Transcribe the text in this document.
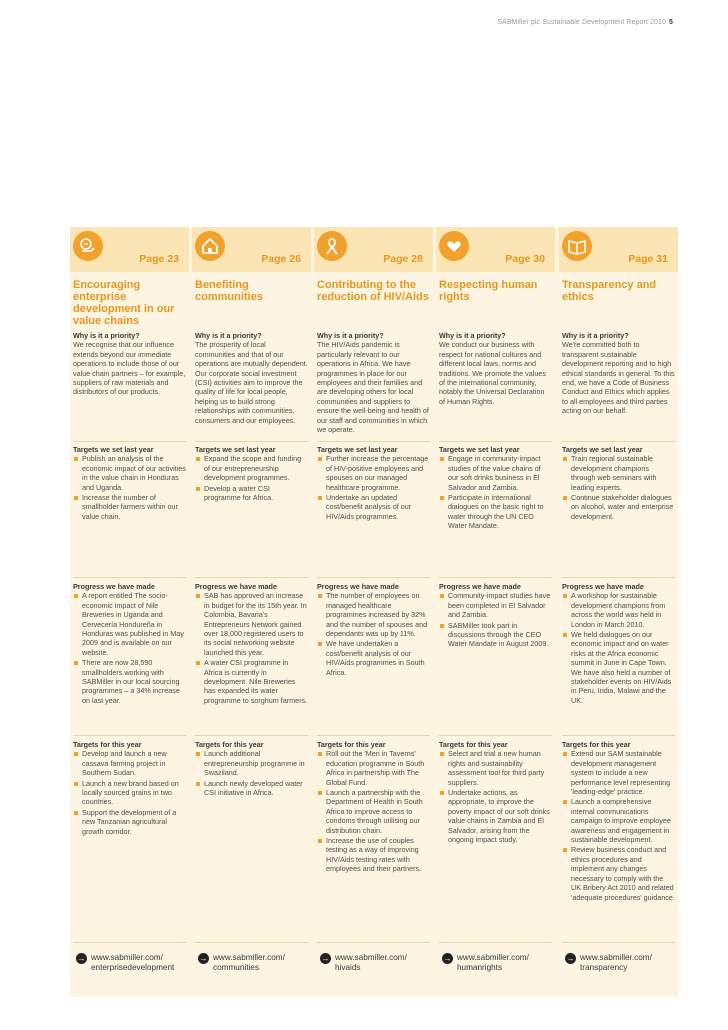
SABMiller plc Sustainable Development Report 2010 5
Page 23
Encouraging enterprise development in our value chains
Why is it a priority?
We recognise that our influence extends beyond our immediate operations to include those of our value chain partners – for example, suppliers of raw materials and distributors of our products.
Targets we set last year
Publish an analysis of the economic impact of our activities in the value chain in Honduras and Uganda.
Increase the number of smallholder farmers within our value chain.
Progress we have made
A report entitled The socio-economic impact of Nile Breweries in Uganda and Cervecería Hondureña in Honduras was published in May 2009 and is available on our website.
There are now 28,590 smallholders working with SABMiller in our local sourcing programmes – a 34% increase on last year.
Targets for this year
Develop and launch a new cassava farming project in Southern Sudan.
Launch a new brand based on locally sourced grains in two countries.
Support the development of a new Tanzanian agricultural growth corridor.
→
www.sabmiller.com/ enterprisedevelopment
Page 26
Benefiting communities
Why is it a priority?
The prosperity of local communities and that of our operations are mutually dependent. Our corporate social investment (CSI) activities aim to improve the quality of life for local people, helping us to build strong relationships with communities, consumers and our employees.
Targets we set last year
Expand the scope and funding of our entrepreneurship development programmes.
Develop a water CSI programme for Africa.
Progress we have made
SAB has approved an increase in budget for the its 15th year. In Colombia, Bavaria's Entrepreneurs Network gained over 18,000 registered users to its social networking website launched this year.
A water CSI programme in Africa is currently in development. Nile Breweries has expanded its water programme to sorghum farmers.
Targets for this year
Launch additional entrepreneurship programme in Swaziland.
Launch newly developed water CSI initiative in Africa.
→
www.sabmiller.com/ communities
Page 28
Contributing to the reduction of HIV/Aids
Why is it a priority?
The HIV/Aids pandemic is particularly relevant to our operations in Africa. We have programmes in place for our employees and their families and are developing others for local communities and suppliers to ensure the well-being and health of our staff and communities in which we operate.
Targets we set last year
Further increase the percentage of HIV-positive employees and spouses on our managed healthcare programme.
Undertake an updated cost/benefit analysis of our HIV/Aids programmes.
Progress we have made
The number of employees on managed healthcare programmes increased by 32% and the number of spouses and dependants was up by 11%.
We have undertaken a cost/benefit analysis of our HIV/Aids programmes in South Africa.
Targets for this year
Roll out the 'Men in Taverns' education programme in South Africa in partnership with The Global Fund.
Launch a partnership with the Department of Health in South Africa to improve access to condoms through utilising our distribution chain.
Increase the use of couples testing as a way of improving HIV/Aids testing rates with employees and their partners.
→
www.sabmiller.com/ hivaids
Page 30
Respecting human rights
Why is it a priority?
We conduct our business with respect for national cultures and different local laws, norms and traditions. We promote the values of the international community, notably the Universal Declaration of Human Rights.
Targets we set last year
Engage in community-impact studies of the value chains of our soft drinks business in El Salvador and Zambia.
Participate in international dialogues on the basic right to water through the UN CEO Water Mandate.
Progress we have made
Community-impact studies have been completed in El Salvador and Zambia.
SABMiller took part in discussions through the CEO Water Mandate in August 2009.
Targets for this year
Select and trial a new human rights and sustainability assessment tool for third party suppliers.
Undertake actions, as appropriate, to improve the poverty impact of our soft drinks value chains in Zambia and El Salvador, arising from the ongoing impact study.
→
www.sabmiller.com/ humanrights
Page 31
Transparency and ethics
Why is it a priority?
We're committed both to transparent sustainable development reporting and to high ethical standards in general. To this end, we have a Code of Business Conduct and Ethics which applies to all employees and third parties acting on our behalf.
Targets we set last year
Train regional sustainable development champions through web seminars with leading experts.
Continue stakeholder dialogues on alcohol, water and enterprise development.
Progress we have made
A workshop for sustainable development champions from across the world was held in London in March 2010.
We held dialogues on our economic impact and on water risks at the Africa economic summit in June in Cape Town. We have also held a number of stakeholder events on HIV/Aids in Peru, India, Malawi and the UK.
Targets for this year
Extend our SAM sustainable development management system to include a new performance level representing 'leading-edge' practice.
Launch a comprehensive internal communications campaign to improve employee awareness and engagement in sustainable development.
Review business conduct and ethics procedures and implement any changes necessary to comply with the UK Bribery Act 2010 and related 'adequate procedures' guidance.
→
www.sabmiller.com/ transparency
